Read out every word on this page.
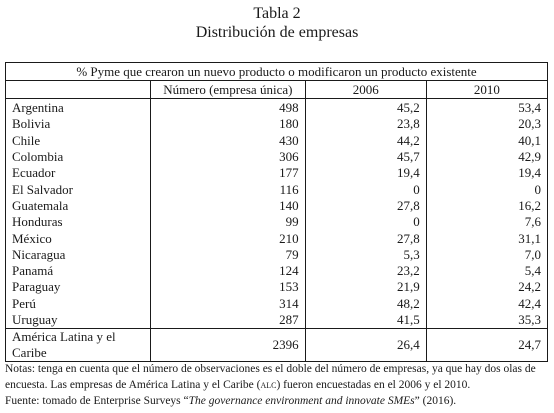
Tabla 2
Distribución de empresas
% Pyme que crearon un nuevo producto o modificaron un producto existente			
	Número (empresa única)	2006	2010
Argentina	498	45,2	53,4
Bolivia	180	23,8	20,3
Chile	430	44,2	40,1
Colombia	306	45,7	42,9
Ecuador	177	19,4	19,4
El Salvador	116	0	0
Guatemala	140	27,8	16,2
Honduras	99	0	7,6
México	210	27,8	31,1
Nicaragua	79	5,3	7,0
Panamá	124	23,2	5,4
Paraguay	153	21,9	24,2
Perú	314	48,2	42,4
Uruguay	287	41,5	35,3
América Latina y el Caribe	2396	26,4	24,7
Notas: tenga en cuenta que el número de observaciones es el doble del número de empresas, ya que hay dos olas de encuesta. Las empresas de América Latina y el Caribe (alc) fueron encuestadas en el 2006 y el 2010.
Fuente: tomado de Enterprise Surveys “The governance environment and innovate SMEs” (2016).
